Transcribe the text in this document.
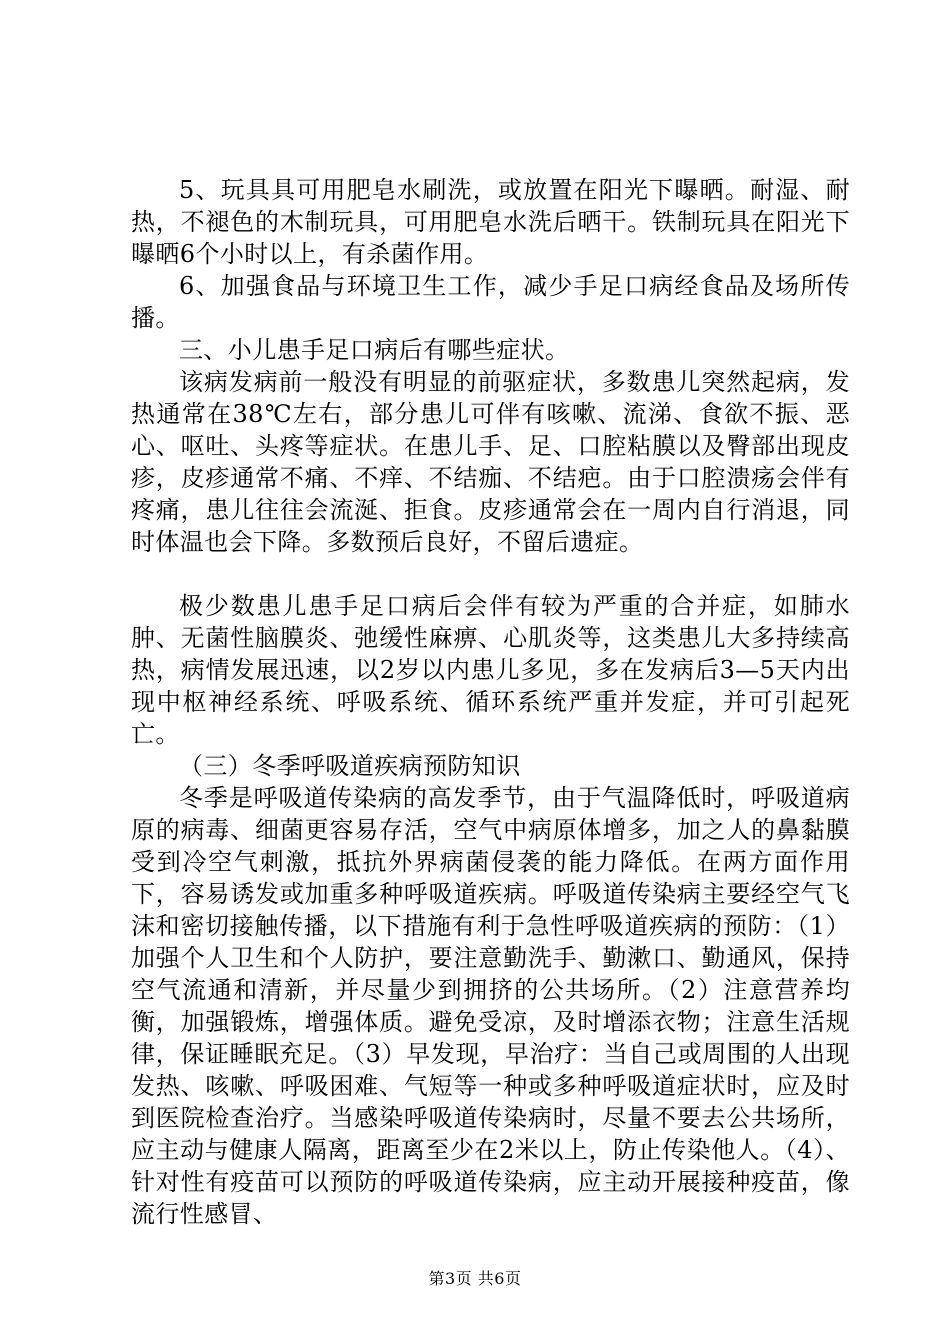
5、玩具具可用肥皂水刷洗，或放置在阳光下曝晒。耐湿、耐热，不褪色的木制玩具，可用肥皂水洗后晒干。铁制玩具在阳光下曝晒6个小时以上，有杀菌作用。

6、加强食品与环境卫生工作，减少手足口病经食品及场所传播。

三、小儿患手足口病后有哪些症状。

该病发病前一般没有明显的前驱症状，多数患儿突然起病，发热通常在38℃左右，部分患儿可伴有咳嗽、流涕、食欲不振、恶心、呕吐、头疼等症状。在患儿手、足、口腔粘膜以及臀部出现皮疹，皮疹通常不痛、不痒、不结痂、不结疤。由于口腔溃疡会伴有疼痛，患儿往往会流涎、拒食。皮疹通常会在一周内自行消退，同时体温也会下降。多数预后良好，不留后遗症。

极少数患儿患手足口病后会伴有较为严重的合并症，如肺水肿、无菌性脑膜炎、弛缓性麻痹、心肌炎等，这类患儿大多持续高热，病情发展迅速，以2岁以内患儿多见，多在发病后3—5天内出现中枢神经系统、呼吸系统、循环系统严重并发症，并可引起死亡。

（三）冬季呼吸道疾病预防知识

冬季是呼吸道传染病的高发季节，由于气温降低时，呼吸道病原的病毒、细菌更容易存活，空气中病原体增多，加之人的鼻黏膜受到冷空气刺激，抵抗外界病菌侵袭的能力降低。在两方面作用下，容易诱发或加重多种呼吸道疾病。呼吸道传染病主要经空气飞沫和密切接触传播，以下措施有利于急性呼吸道疾病的预防：（1）加强个人卫生和个人防护，要注意勤洗手、勤漱口、勤通风，保持空气流通和清新，并尽量少到拥挤的公共场所。（2）注意营养均衡，加强锻炼，增强体质。避免受凉，及时增添衣物；注意生活规律，保证睡眠充足。（3）早发现，早治疗：当自己或周围的人出现发热、咳嗽、呼吸困难、气短等一种或多种呼吸道症状时，应及时到医院检查治疗。当感染呼吸道传染病时，尽量不要去公共场所，应主动与健康人隔离，距离至少在2米以上，防止传染他人。（4）、针对性有疫苗可以预防的呼吸道传染病，应主动开展接种疫苗，像流行性感冒、

第3页 共6页
